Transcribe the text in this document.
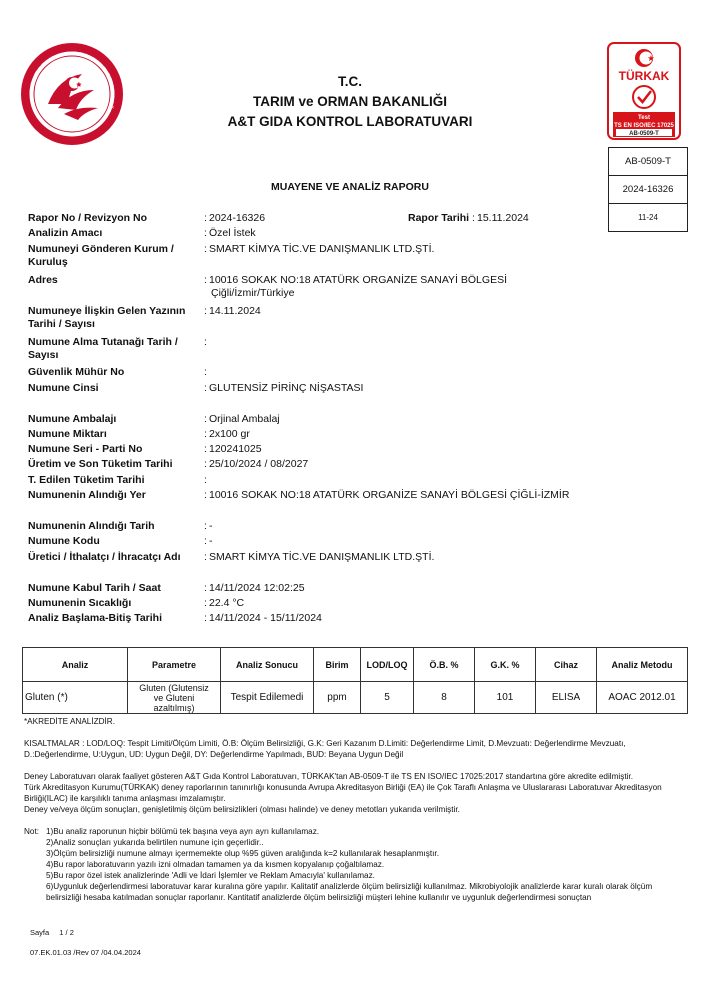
T.C. TARIM VE ORMAN BAKANLIĞI
T.C.
TARIM ve ORMAN BAKANLIĞI
A&T GIDA KONTROL LABORATUVARI
TÜRKAK
Test
TS EN ISO/IEC 17025
AB-0509-T
AB-0509-T
2024-16326
11-24
MUAYENE VE ANALİZ RAPORU
Rapor No / Revizyon No	: 2024-16326	Rapor Tarihi : 15.11.2024
Analizin Amacı	: Özel İstek
Numuneyi Gönderen Kurum / Kuruluş
: SMART KİMYA TİC.VE DANIŞMANLIK LTD.ŞTİ.
Adres	: 10016 SOKAK NO:18 ATATÜRK ORGANİZE SANAYİ BÖLGESİ
Çiğli/İzmir/Türkiye
Numuneye İlişkin Gelen Yazının Tarihi / Sayısı
: 14.11.2024
Numune Alma Tutanağı Tarih / Sayısı
:
Güvenlik Mühür No	:
Numune Cinsi	: GLUTENSİZ PİRİNÇ NİŞASTASI
Numune Ambalajı	: Orjinal Ambalaj
Numune Miktarı	: 2x100 gr
Numune Seri - Parti No	: 120241025
Üretim ve Son Tüketim Tarihi	: 25/10/2024 / 08/2027
T. Edilen Tüketim Tarihi	:
Numunenin Alındığı Yer	: 10016 SOKAK NO:18 ATATÜRK ORGANİZE SANAYİ BÖLGESİ ÇİĞLİ-İZMİR
Numunenin Alındığı Tarih	: -
Numune Kodu	: -
Üretici / İthalatçı / İhracatçı Adı	: SMART KİMYA TİC.VE DANIŞMANLIK LTD.ŞTİ.
Numune Kabul Tarih / Saat	: 14/11/2024 12:02:25
Numunenin Sıcaklığı	: 22.4 °C
Analiz Başlama-Bitiş Tarihi	: 14/11/2024 - 15/11/2024
Analiz	Parametre	Analiz Sonucu	Birim	LOD/LOQ	Ö.B. %	G.K. %	Cihaz	Analiz Metodu
Gluten (*)	Gluten (Glutensiz
ve Gluteni
azaltılmış)	Tespit Edilemedi	ppm	5	8	101	ELISA	AOAC 2012.01
*AKREDİTE ANALİZDİR.
KISALTMALAR : LOD/LOQ: Tespit Limiti/Ölçüm Limiti, Ö.B: Ölçüm Belirsizliği, G.K: Geri Kazanım D.Limiti: Değerlendirme Limit, D.Mevzuatı: Değerlendirme Mevzuatı, D.:Değerlendirme, U:Uygun, UD: Uygun Değil, DY: Değerlendirme Yapılmadı, BUD: Beyana Uygun Değil
Deney Laboratuvarı olarak faaliyet gösteren A&T Gıda Kontrol Laboratuvarı, TÜRKAK'tan AB-0509-T ile TS EN ISO/IEC 17025:2017 standartına göre akredite edilmiştir.
Türk Akreditasyon Kurumu(TÜRKAK) deney raporlarının tanınırlığı konusunda Avrupa Akreditasyon Birliği (EA) ile Çok Taraflı Anlaşma ve Uluslararası Laboratuvar Akreditasyon Birliği(ILAC) ile karşılıklı tanıma anlaşması imzalamıştır.
Deney ve/veya ölçüm sonuçları, genişletilmiş ölçüm belirsizlikleri (olması halinde) ve deney metotları yukarıda verilmiştir.
Not: 1)Bu analiz raporunun hiçbir bölümü tek başına veya ayrı ayrı kullanılamaz.
2)Analiz sonuçları yukarıda belirtilen numune için geçerlidir..
3)Ölçüm belirsizliği numune almayı içermemekte olup %95 güven aralığında k=2 kullanılarak hesaplanmıştır.
4)Bu rapor laboratuvarın yazılı izni olmadan tamamen ya da kısmen kopyalanıp çoğaltılamaz.
5)Bu rapor özel istek analizlerinde 'Adli ve İdari İşlemler ve Reklam Amacıyla' kullanılamaz.
6)Uygunluk değerlendirmesi laboratuvar karar kuralına göre yapılır. Kalitatif analizlerde ölçüm belirsizliği kullanılmaz. Mikrobiyolojik analizlerde karar kuralı olarak ölçüm belirsizliği hesaba katılmadan sonuçlar raporlanır. Kantitatif analizlerde ölçüm belirsizliği müşteri lehine kullanılır ve uygunluk değerlendirmesi sonuçtan
Sayfa 1 / 2
07.EK.01.03 /Rev 07 /04.04.2024
